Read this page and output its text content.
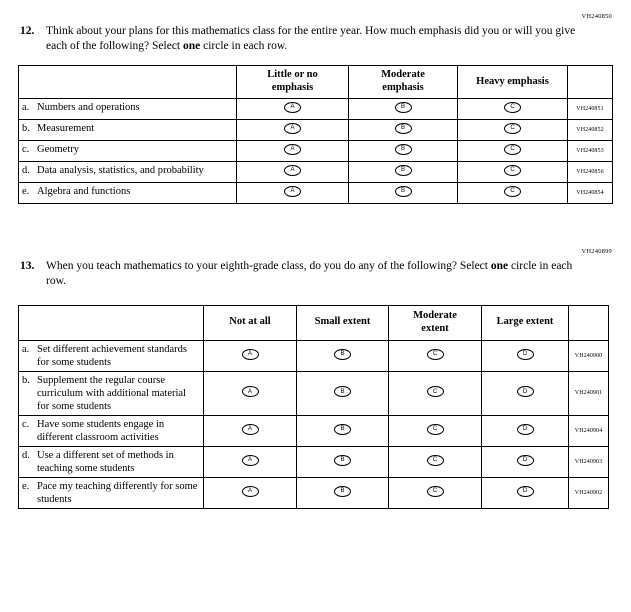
VH240850
12.	Think about your plans for this mathematics class for the entire year. How much emphasis did you or will you give each of the following? Select one circle in each row.

	Little or no emphasis	Moderate emphasis	Heavy emphasis	

a. Numbers and operations	A	B	C	VH240851

b. Measurement	A	B	C	VH240852

c. Geometry	A	B	C	VH240853

d. Data analysis, statistics, and probability	A	B	C	VH240856

e. Algebra and functions	A	B	C	VH240854
VH240899
13.	When you teach mathematics to your eighth-grade class, do you do any of the following? Select one circle in each row.

	Not at all	Small extent	Moderate extent	Large extent	

a. Set different achievement standards for some students	A	B	C	D	VH240900

b. Supplement the regular course curriculum with additional material for some students	A	B	C	D	VH240901

c. Have some students engage in different classroom activities	A	B	C	D	VH240904

d. Use a different set of methods in teaching some students	A	B	C	D	VH240903

e. Pace my teaching differently for some students	A	B	C	D	VH240902
